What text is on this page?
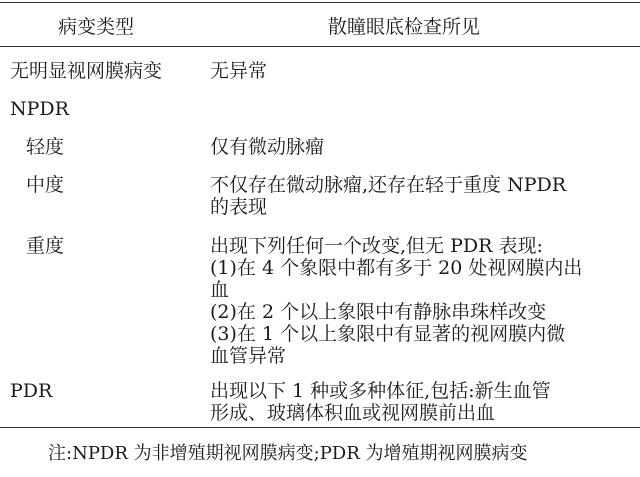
病变类型	散瞳眼底检查所见
无明显视网膜病变	无异常
NPDR
轻度	仅有微动脉瘤
中度	不仅存在微动脉瘤,还存在轻于重度 NPDR
的表现
重度	出现下列任何一个改变,但无 PDR 表现:
(1)在 4 个象限中都有多于 20 处视网膜内出
血
(2)在 2 个以上象限中有静脉串珠样改变
(3)在 1 个以上象限中有显著的视网膜内微
血管异常
PDR	出现以下 1 种或多种体征,包括:新生血管
形成、玻璃体积血或视网膜前出血
注:NPDR 为非增殖期视网膜病变;PDR 为增殖期视网膜病变
